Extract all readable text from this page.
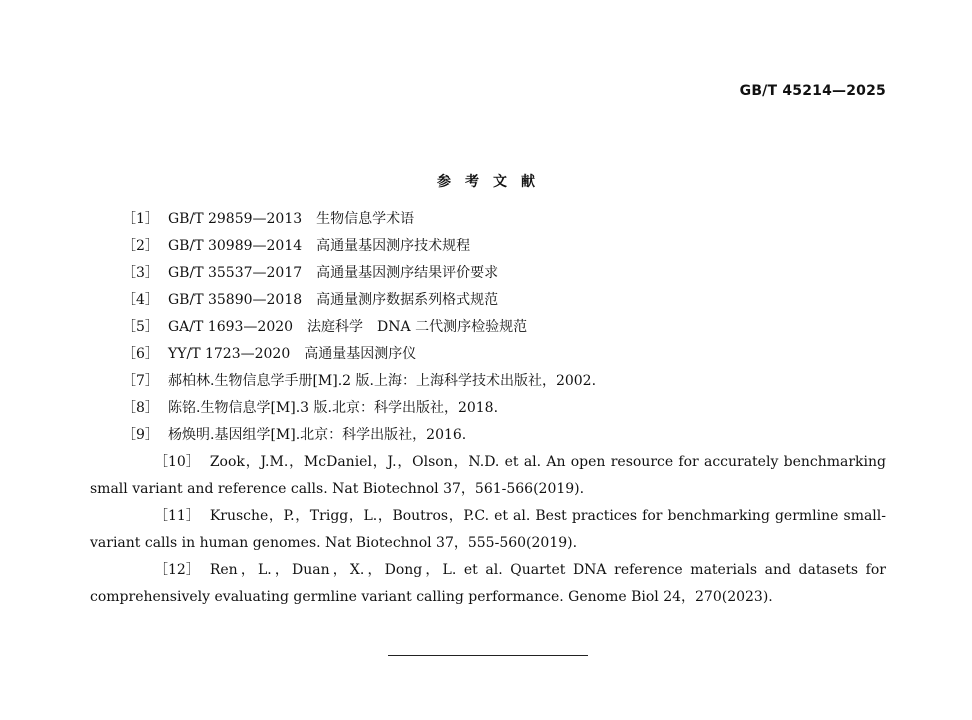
GB/T 45214—2025
参考文献

［1］ GB/T 29859—2013　生物信息学术语

［2］ GB/T 30989—2014　高通量基因测序技术规程

［3］ GB/T 35537—2017　高通量基因测序结果评价要求

［4］ GB/T 35890—2018　高通量测序数据系列格式规范

［5］ GA/T 1693—2020　法庭科学　DNA 二代测序检验规范

［6］ YY/T 1723—2020　高通量基因测序仪

［7］ 郝柏林.生物信息学手册[M].2 版.上海：上海科学技术出版社，2002.

［8］ 陈铭.生物信息学[M].3 版.北京：科学出版社，2018.

［9］ 杨焕明.基因组学[M].北京：科学出版社，2016.

［10］ Zook，J.M.，McDaniel，J.，Olson，N.D. et al. An open resource for accurately benchmarking small variant and reference calls. Nat Biotechnol 37，561-566(2019).

［11］ Krusche，P.，Trigg，L.，Boutros，P.C. et al. Best practices for benchmarking germline small-variant calls in human genomes. Nat Biotechnol 37，555-560(2019).

［12］ Ren，L.，Duan，X.，Dong，L. et al. Quartet DNA reference materials and datasets for comprehensively evaluating germline variant calling performance. Genome Biol 24，270(2023).
